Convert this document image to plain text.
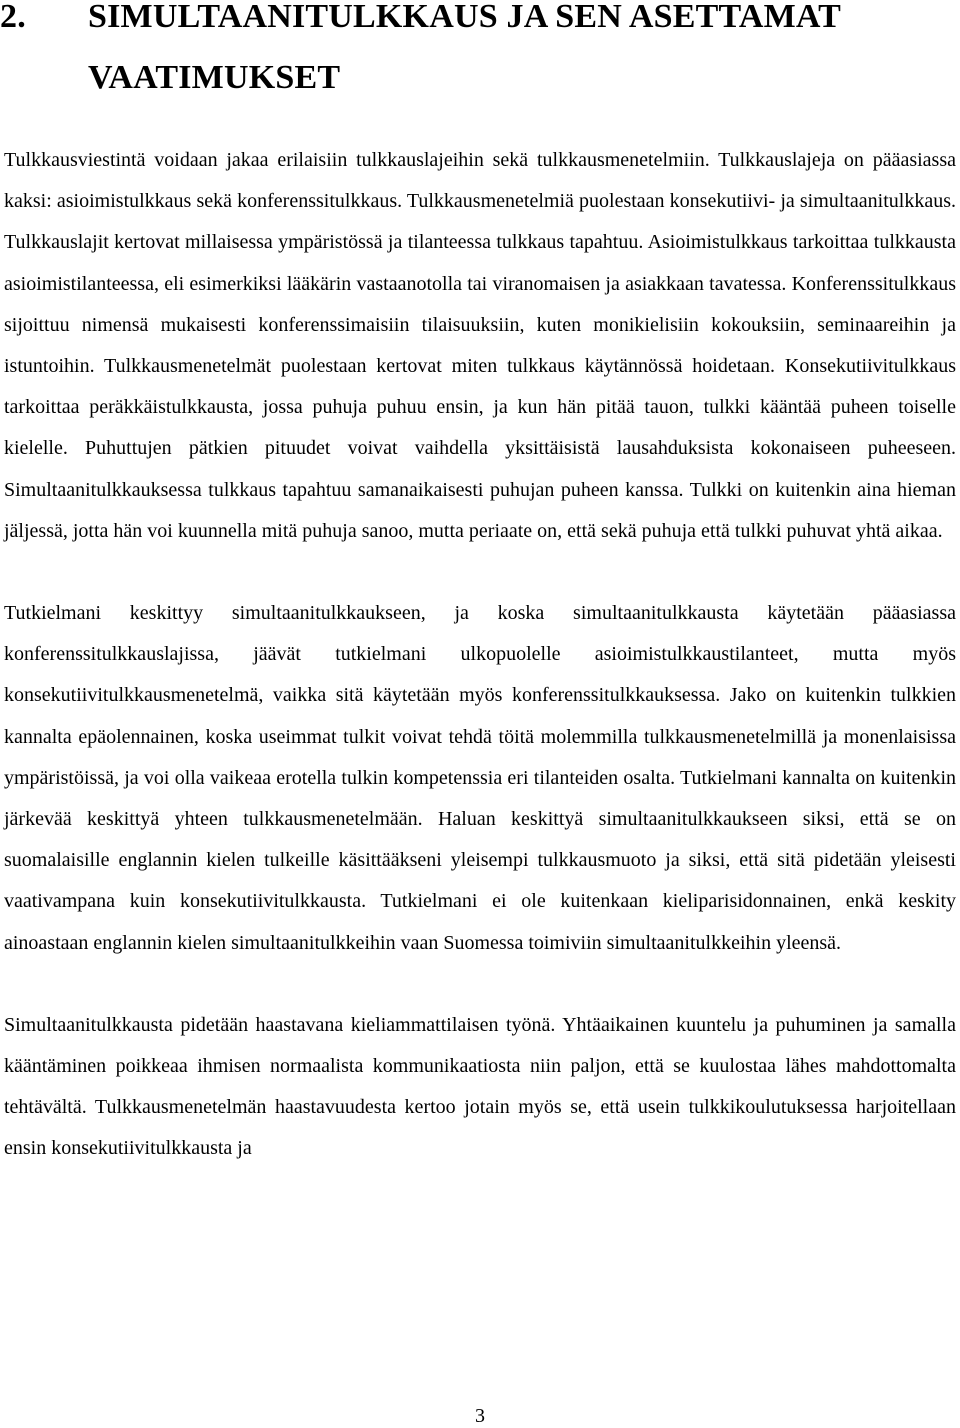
2. SIMULTAANITULKKAUS JA SEN ASETTAMAT
VAATIMUKSET

Tulkkausviestintä voidaan jakaa erilaisiin tulkkauslajeihin sekä tulkkausmenetelmiin. Tulkkauslajeja on pääasiassa kaksi: asioimistulkkaus sekä konferenssitulkkaus. Tulkkausmenetelmiä puolestaan konsekutiivi- ja simultaanitulkkaus. Tulkkauslajit kertovat millaisessa ympäristössä ja tilanteessa tulkkaus tapahtuu. Asioimistulkkaus tarkoittaa tulkkausta asioimistilanteessa, eli esimerkiksi lääkärin vastaanotolla tai viranomaisen ja asiakkaan tavatessa. Konferenssitulkkaus sijoittuu nimensä mukaisesti konferenssimaisiin tilaisuuksiin, kuten monikielisiin kokouksiin, seminaareihin ja istuntoihin. Tulkkausmenetelmät puolestaan kertovat miten tulkkaus käytännössä hoidetaan. Konsekutiivitulkkaus tarkoittaa peräkkäistulkkausta, jossa puhuja puhuu ensin, ja kun hän pitää tauon, tulkki kääntää puheen toiselle kielelle. Puhuttujen pätkien pituudet voivat vaihdella yksittäisistä lausahduksista kokonaiseen puheeseen. Simultaanitulkkauksessa tulkkaus tapahtuu samanaikaisesti puhujan puheen kanssa. Tulkki on kuitenkin aina hieman jäljessä, jotta hän voi kuunnella mitä puhuja sanoo, mutta periaate on, että sekä puhuja että tulkki puhuvat yhtä aikaa.

Tutkielmani keskittyy simultaanitulkkaukseen, ja koska simultaanitulkkausta käytetään pääasiassa konferenssitulkkauslajissa, jäävät tutkielmani ulkopuolelle asioimistulkkaustilanteet, mutta myös konsekutiivitulkkausmenetelmä, vaikka sitä käytetään myös konferenssitulkkauksessa. Jako on kuitenkin tulkkien kannalta epäolennainen, koska useimmat tulkit voivat tehdä töitä molemmilla tulkkausmenetelmillä ja monenlaisissa ympäristöissä, ja voi olla vaikeaa erotella tulkin kompetenssia eri tilanteiden osalta. Tutkielmani kannalta on kuitenkin järkevää keskittyä yhteen tulkkausmenetelmään. Haluan keskittyä simultaanitulkkaukseen siksi, että se on suomalaisille englannin kielen tulkeille käsittääkseni yleisempi tulkkausmuoto ja siksi, että sitä pidetään yleisesti vaativampana kuin konsekutiivitulkkausta. Tutkielmani ei ole kuitenkaan kieliparisidonnainen, enkä keskity ainoastaan englannin kielen simultaanitulkkeihin vaan Suomessa toimiviin simultaanitulkkeihin yleensä.

Simultaanitulkkausta pidetään haastavana kieliammattilaisen työnä. Yhtäaikainen kuuntelu ja puhuminen ja samalla kääntäminen poikkeaa ihmisen normaalista kommunikaatiosta niin paljon, että se kuulostaa lähes mahdottomalta tehtävältä. Tulkkausmenetelmän haastavuudesta kertoo jotain myös se, että usein tulkkikoulutuksessa harjoitellaan ensin konsekutiivitulkkausta ja

3
